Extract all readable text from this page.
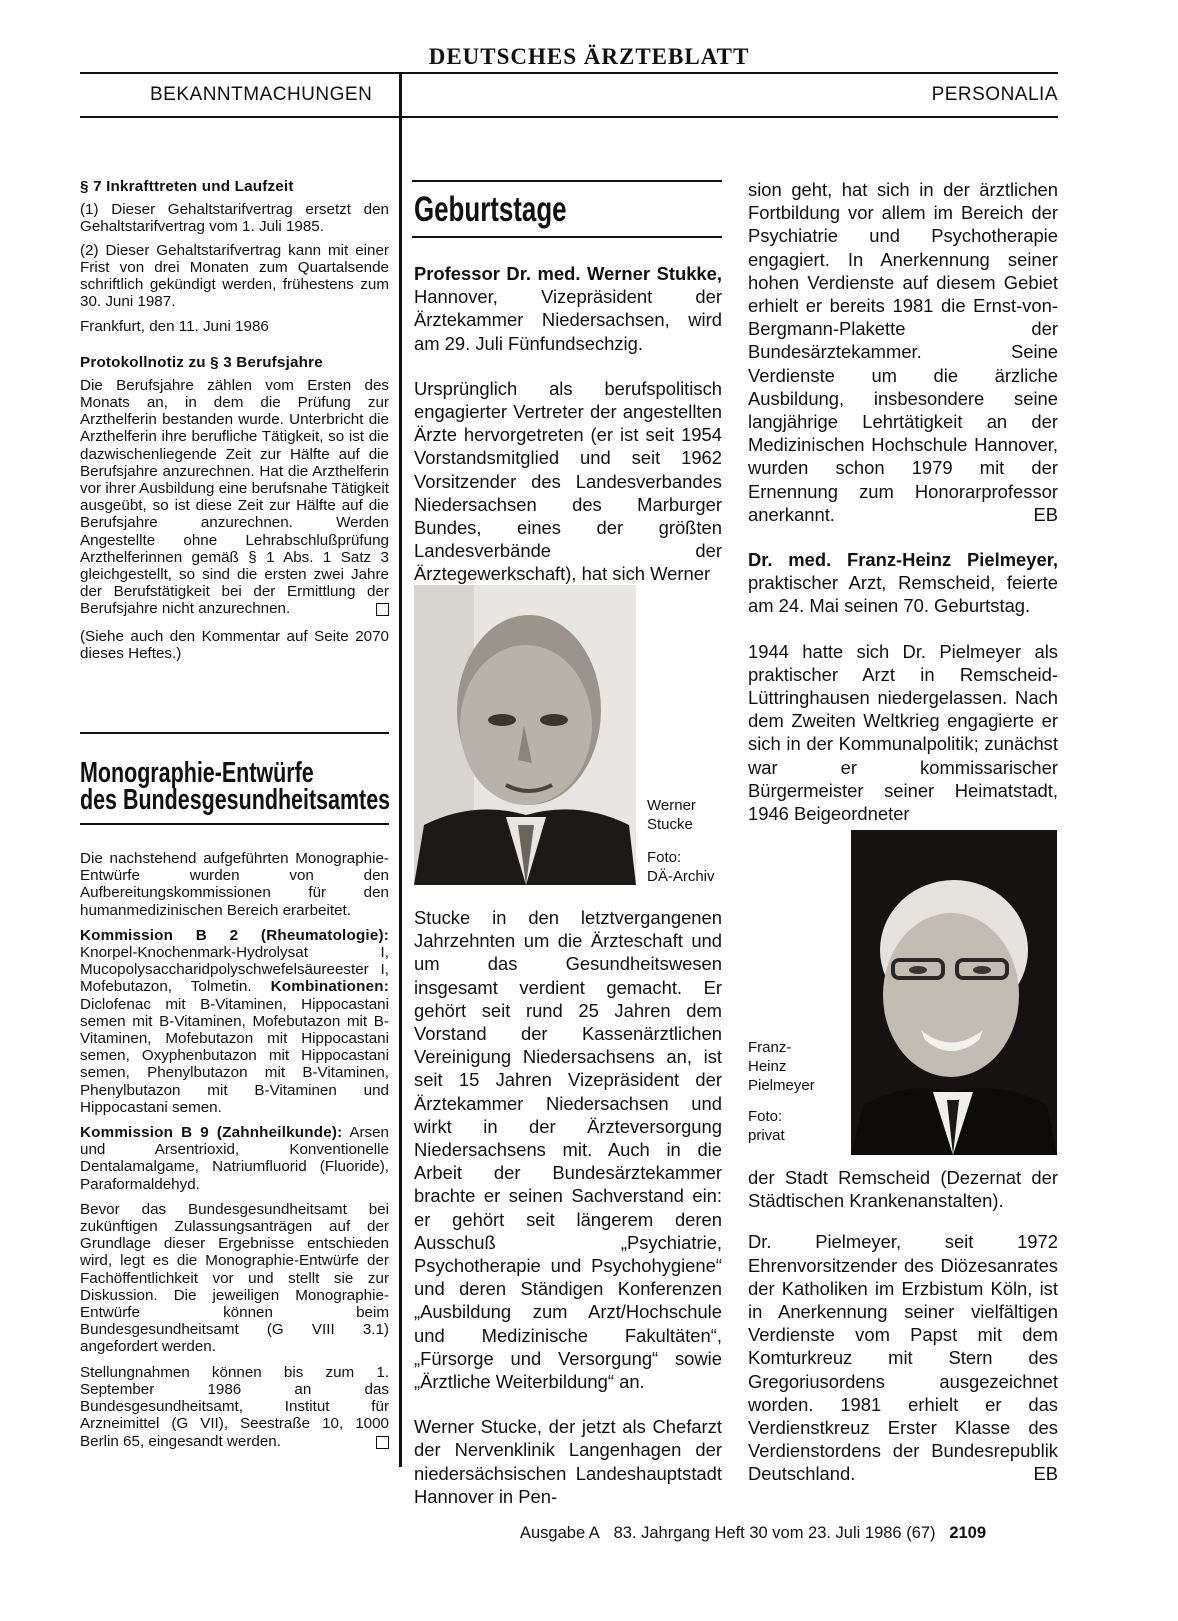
DEUTSCHES ÄRZTEBLATT
BEKANNTMACHUNGEN	PERSONALIA

§ 7 Inkrafttreten und Laufzeit

(1) Dieser Gehaltstarifvertrag ersetzt den Gehaltstarifvertrag vom 1. Juli 1985.

(2) Dieser Gehaltstarifvertrag kann mit einer Frist von drei Monaten zum Quartalsende schriftlich gekündigt werden, frühestens zum 30. Juni 1987.

Frankfurt, den 11. Juni 1986

Protokollnotiz zu § 3 Berufsjahre

Die Berufsjahre zählen vom Ersten des Monats an, in dem die Prüfung zur Arzthelferin bestanden wurde. Unterbricht die Arzthelferin ihre berufliche Tätigkeit, so ist die dazwischenliegende Zeit zur Hälfte auf die Berufsjahre anzurechnen. Hat die Arzthelferin vor ihrer Ausbildung eine berufsnahe Tätigkeit ausgeübt, so ist diese Zeit zur Hälfte auf die Berufsjahre anzurechnen. Werden Angestellte ohne Lehrabschlußprüfung Arzthelferinnen gemäß § 1 Abs. 1 Satz 3 gleichgestellt, so sind die ersten zwei Jahre der Berufstätigkeit bei der Ermittlung der Berufsjahre nicht anzurechnen.

(Siehe auch den Kommentar auf Seite 2070 dieses Heftes.)

Monographie-Entwürfe
des Bundesgesundheitsamtes

Die nachstehend aufgeführten Monographie-Entwürfe wurden von den Aufbereitungskommissionen für den humanmedizinischen Bereich erarbeitet.

Kommission B 2 (Rheumatologie): Knorpel-Knochenmark-Hydrolysat I, Mucopolysaccharidpolyschwefelsäureester I, Mofebutazon, Tolmetin. Kombinationen: Diclofenac mit B-Vitaminen, Hippocastani semen mit B-Vitaminen, Mofebutazon mit B-Vitaminen, Mofebutazon mit Hippocastani semen, Oxyphenbutazon mit Hippocastani semen, Phenylbutazon mit B-Vitaminen, Phenylbutazon mit B-Vitaminen und Hippocastani semen.

Kommission B 9 (Zahnheilkunde): Arsen und Arsentrioxid, Konventionelle Dentalamalgame, Natriumfluorid (Fluoride), Paraformaldehyd.

Bevor das Bundesgesundheitsamt bei zukünftigen Zulassungsanträgen auf der Grundlage dieser Ergebnisse entschieden wird, legt es die Monographie-Entwürfe der Fachöffentlichkeit vor und stellt sie zur Diskussion. Die jeweiligen Monographie-Entwürfe können beim Bundesgesundheitsamt (G VIII 3.1) angefordert werden.

Stellungnahmen können bis zum 1. September 1986 an das Bundesgesundheitsamt, Institut für Arzneimittel (G VII), Seestraße 10, 1000 Berlin 65, eingesandt werden.

Geburtstage

Professor Dr. med. Werner Stukke, Hannover, Vizepräsident der Ärztekammer Niedersachsen, wird am 29. Juli Fünfundsechzig.

Ursprünglich als berufspolitisch engagierter Vertreter der angestellten Ärzte hervorgetreten (er ist seit 1954 Vorstandsmitglied und seit 1962 Vorsitzender des Landesverbandes Niedersachsen des Marburger Bundes, eines der größten Landesverbände der Ärztegewerkschaft), hat sich Werner

Werner
Stucke
Foto:
DÄ-Archiv

Stucke in den letztvergangenen Jahrzehnten um die Ärzteschaft und um das Gesundheitswesen insgesamt verdient gemacht. Er gehört seit rund 25 Jahren dem Vorstand der Kassenärztlichen Vereinigung Niedersachsens an, ist seit 15 Jahren Vizepräsident der Ärztekammer Niedersachsen und wirkt in der Ärzteversorgung Niedersachsens mit. Auch in die Arbeit der Bundesärztekammer brachte er seinen Sachverstand ein: er gehört seit längerem deren Ausschuß „Psychiatrie, Psychotherapie und Psychohygiene“ und deren Ständigen Konferenzen „Ausbildung zum Arzt/Hochschule und Medizinische Fakultäten“, „Fürsorge und Versorgung“ sowie „Ärztliche Weiterbildung“ an.

Werner Stucke, der jetzt als Chefarzt der Nervenklinik Langenhagen der niedersächsischen Landeshauptstadt Hannover in Pen-

sion geht, hat sich in der ärztlichen Fortbildung vor allem im Bereich der Psychiatrie und Psychotherapie engagiert. In Anerkennung seiner hohen Verdienste auf diesem Gebiet erhielt er bereits 1981 die Ernst-von-Bergmann-Plakette der Bundesärztekammer. Seine Verdienste um die ärzliche Ausbildung, insbesondere seine langjährige Lehrtätigkeit an der Medizinischen Hochschule Hannover, wurden schon 1979 mit der Ernennung zum Honorarprofessor anerkannt.	EB

Dr. med. Franz-Heinz Pielmeyer, praktischer Arzt, Remscheid, feierte am 24. Mai seinen 70. Geburtstag.

1944 hatte sich Dr. Pielmeyer als praktischer Arzt in Remscheid-Lüttringhausen niedergelassen. Nach dem Zweiten Weltkrieg engagierte er sich in der Kommunalpolitik; zunächst war er kommissarischer Bürgermeister seiner Heimatstadt, 1946 Beigeordneter

Franz-
Heinz
Pielmeyer
Foto:
privat

der Stadt Remscheid (Dezernat der Städtischen Krankenanstalten).

Dr. Pielmeyer, seit 1972 Ehrenvorsitzender des Diözesanrates der Katholiken im Erzbistum Köln, ist in Anerkennung seiner vielfältigen Verdienste vom Papst mit dem Komturkreuz mit Stern des Gregoriusordens ausgezeichnet worden. 1981 erhielt er das Verdienstkreuz Erster Klasse des Verdienstordens der Bundesrepublik Deutschland.	EB

Ausgabe A 83. Jahrgang Heft 30 vom 23. Juli 1986 (67) 2109
